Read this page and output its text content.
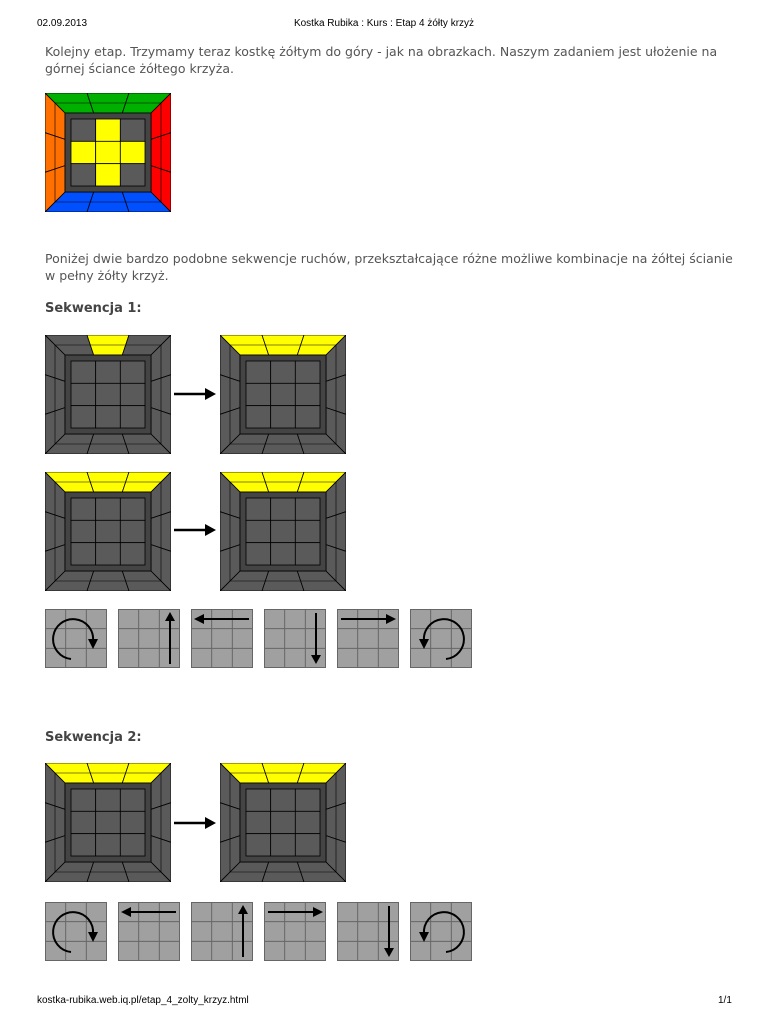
02.09.2013	Kostka Rubika : Kurs : Etap 4 żółty krzyż
Kolejny etap. Trzymamy teraz kostkę żółtym do góry - jak na obrazkach. Naszym zadaniem jest ułożenie na górnej ściance żółtego krzyża.
Poniżej dwie bardzo podobne sekwencje ruchów, przekształcające różne możliwe kombinacje na żółtej ścianie w pełny żółty krzyż.
Sekwencja 1:
Sekwencja 2:
kostka-rubika.web.iq.pl/etap_4_zolty_krzyz.html	1/1
